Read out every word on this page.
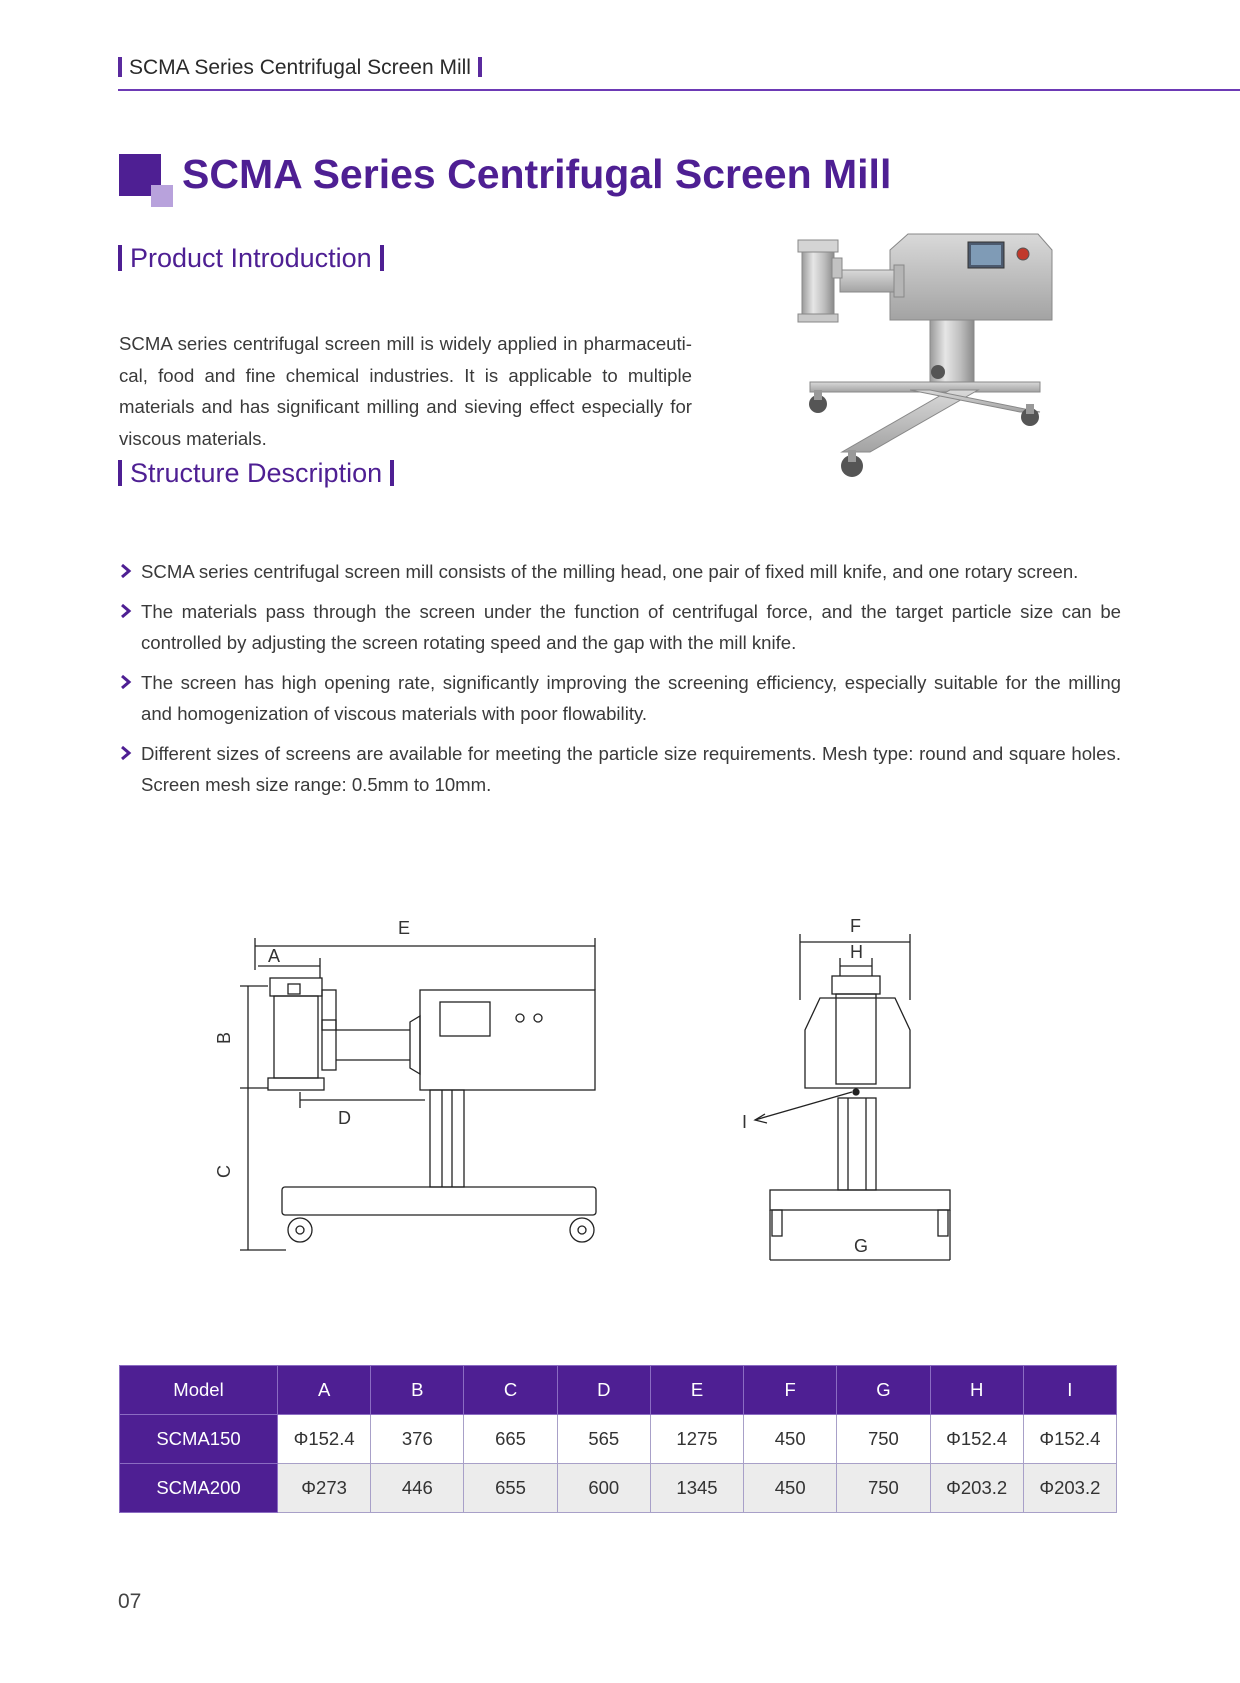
SCMA Series Centrifugal Screen Mill
SCMA Series Centrifugal Screen Mill
Product Introduction
SCMA series centrifugal screen mill is widely applied in pharmaceuti-cal, food and fine chemical industries. It is applicable to multiple materials and has significant milling and sieving effect especially for viscous materials.
Structure Description
SCMA series centrifugal screen mill consists of the milling head, one pair of fixed mill knife, and one rotary screen.
The materials pass through the screen under the function of centrifugal force, and the target particle size can be controlled by adjusting the screen rotating speed and the gap with the mill knife.
The screen has high opening rate, significantly improving the screening efficiency, especially suitable for the milling and homogenization of viscous materials with poor flowability.
Different sizes of screens are available for meeting the particle size requirements. Mesh type: round and square holes. Screen mesh size range: 0.5mm to 10mm.
E
A
B
C
D
F
H
I
G
Model	A	B	C	D	E	F	G	H	I
SCMA150	Φ152.4	376	665	565	1275	450	750	Φ152.4	Φ152.4
SCMA200	Φ273	446	655	600	1345	450	750	Φ203.2	Φ203.2
07
